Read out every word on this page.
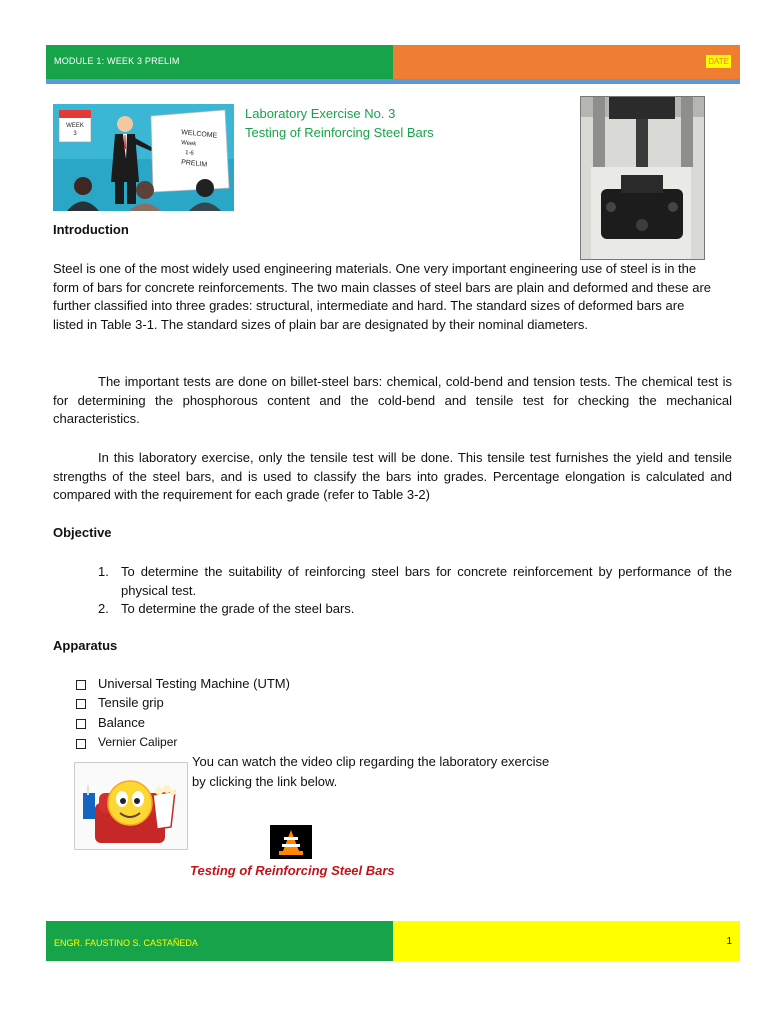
MODULE 1: WEEK 3 PRELIM	DATE
WEEK
3	WELCOME
Week
1-6
PRELIM
Laboratory Exercise No. 3
Testing of Reinforcing Steel Bars
Introduction
Steel is one of the most widely used engineering materials. One very important engineering use of steel is in the form of bars for concrete reinforcements. The two main classes of steel bars are plain and deformed and these are further classified into three grades: structural, intermediate and hard. The standard sizes of deformed bars are listed in Table 3-1. The standard sizes of plain bar are designated by their nominal diameters.
The important tests are done on billet-steel bars: chemical, cold-bend and tension tests. The chemical test is for determining the phosphorous content and the cold-bend and tensile test for checking the mechanical characteristics.
In this laboratory exercise, only the tensile test will be done. This tensile test furnishes the yield and tensile strengths of the steel bars, and is used to classify the bars into grades. Percentage elongation is calculated and compared with the requirement for each grade (refer to Table 3-2)
Objective
1. To determine the suitability of reinforcing steel bars for concrete reinforcement by performance of the physical test.
2. To determine the grade of the steel bars.
Apparatus
Universal Testing Machine (UTM)
Tensile grip
Balance
Vernier Caliper
You can watch the video clip regarding the laboratory exercise
by clicking the link below.
Testing of Reinforcing Steel Bars
ENGR. FAUSTINO S. CASTAÑEDA	1
